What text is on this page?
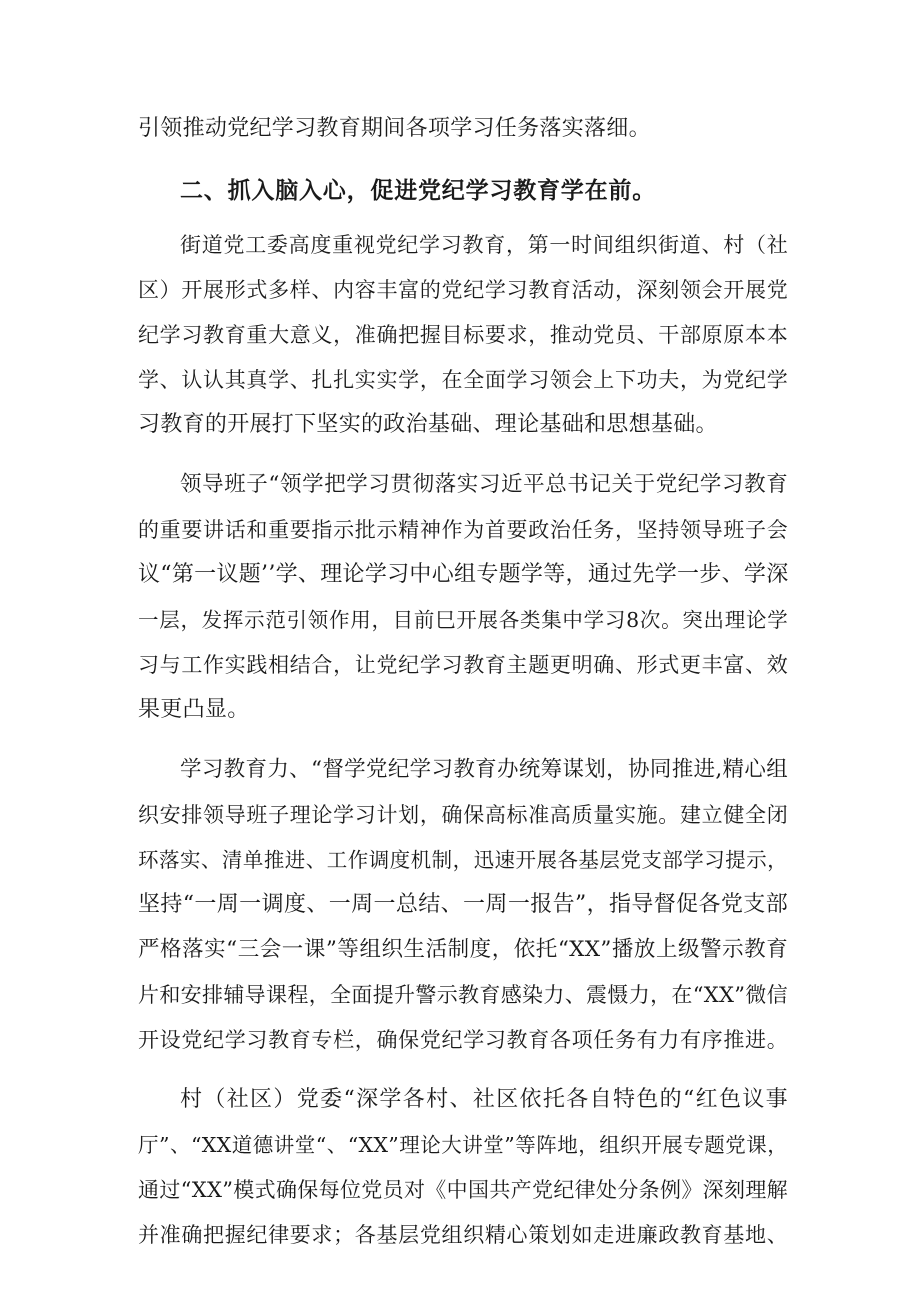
引领推动党纪学习教育期间各项学习任务落实落细。
二、抓入脑入心，促进党纪学习教育学在前。
街道党工委高度重视党纪学习教育，第一时间组织街道、村（社
区）开展形式多样、内容丰富的党纪学习教育活动，深刻领会开展党
纪学习教育重大意义，准确把握目标要求，推动党员、干部原原本本
学、认认其真学、扎扎实实学，在全面学习领会上下功夫，为党纪学
习教育的开展打下坚实的政治基础、理论基础和思想基础。
领导班子“领学把学习贯彻落实习近平总书记关于党纪学习教育
的重要讲话和重要指示批示精神作为首要政治任务，坚持领导班子会
议“第一议题’’学、理论学习中心组专题学等，通过先学一步、学深
一层，发挥示范引领作用，目前巳开展各类集中学习8次。突出理论学
习与工作实践相结合，让党纪学习教育主题更明确、形式更丰富、效
果更凸显。
学习教育力、“督学党纪学习教育办统筹谋划，协同推进,精心组
织安排领导班子理论学习计划，确保高标准高质量实施。建立健全闭
环落实、清单推进、工作调度机制，迅速开展各基层党支部学习提示，
坚持“一周一调度、一周一总结、一周一报告”，指导督促各党支部
严格落实“三会一课”等组织生活制度，依托“XX”播放上级警示教育
片和安排辅导课程，全面提升警示教育感染力、震慑力，在“XX”微信
开设党纪学习教育专栏，确保党纪学习教育各项任务有力有序推进。
村（社区）党委“深学各村、社区依托各自特色的“红色议事
厅”、“XX道德讲堂“、“XX”理论大讲堂”等阵地，组织开展专题党课，
通过“XX”模式确保每位党员对《中国共产党纪律处分条例》深刻理解
并准确把握纪律要求；各基层党组织精心策划如走进廉政教育基地、
